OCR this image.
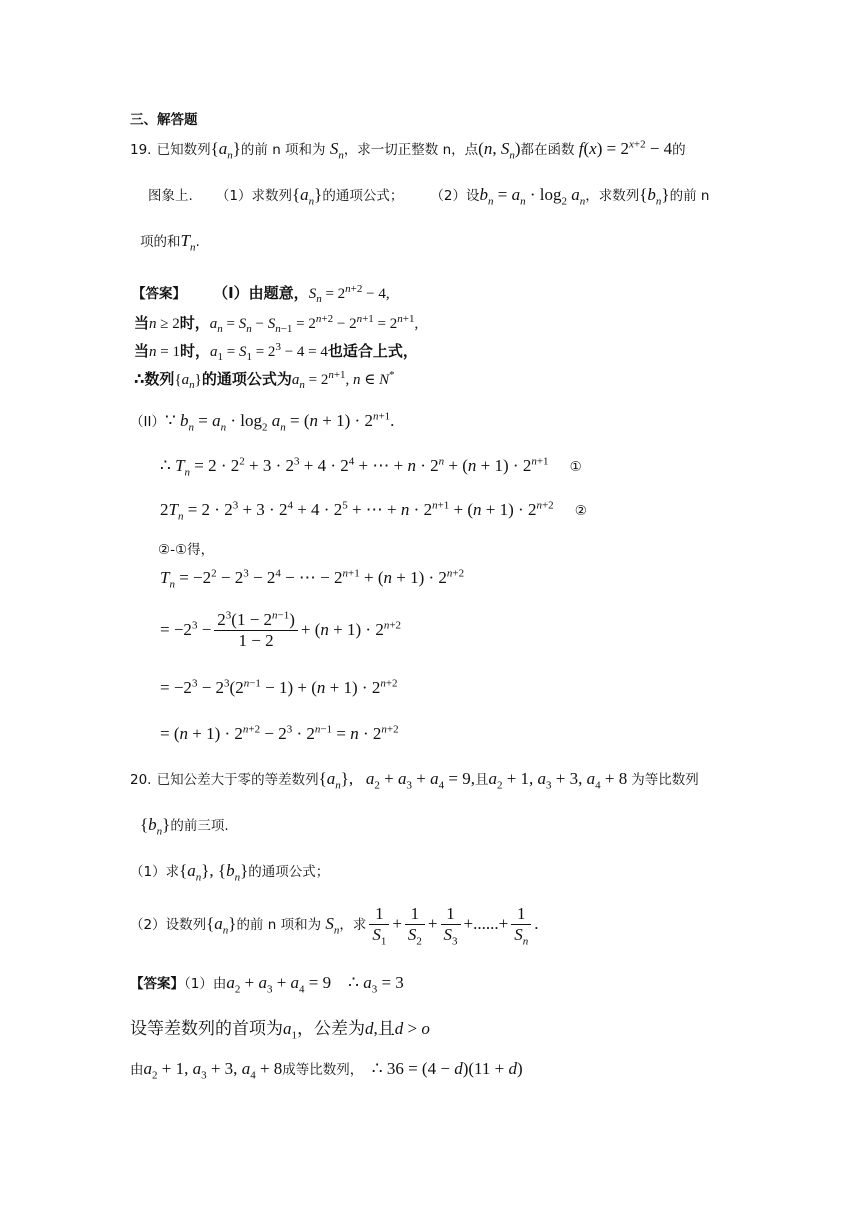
三、解答题
19. 已知数列$\{a_n\}$的前 n 项和为 $S_n$，求一切正整数 n，点(n, $S_n$)都在函数 $f(x) = 2^{x+2} - 4$的
图象上. （1）求数列$\{a_n\}$的通项公式； （2）设$b_n = a_n \cdot \log_2 a_n$，求数列$\{b_n\}$的前 n
项的和$T_n$.
【答案】 （I）由题意，$S_n = 2^{n+2} - 4$,
当n ≥ 2时，$a_n = S_n - S_{n-1} = 2^{n+2} - 2^{n+1} = 2^{n+1}$,
当n = 1时，$a_1 = S_1 = 2^3 - 4 = 4$也适合上式，
∴数列$\{a_n\}$的通项公式为$a_n = 2^{n+1}$, n ∈ N*
（II）∵ $b_n = a_n \cdot \log_2 a_n = (n + 1) \cdot 2^{n+1}$.
∴ $T_n = 2 \cdot 2^2 + 3 \cdot 2^3 + 4 \cdot 2^4$ + ⋯ + $n \cdot 2^n + (n + 1) \cdot 2^{n+1}$ ①
$2T_n = 2 \cdot 2^3 + 3 \cdot 2^4 + 4 \cdot 2^5$ + ⋯ + $n \cdot 2^{n+1} + (n + 1) \cdot 2^{n+2}$ ②
②-①得，
$T_n = -2^2 - 2^3 - 2^4$ − ⋯ − $2^{n+1} + (n + 1) \cdot 2^{n+2}$
= $-2^3 - \frac{2^3(1 - 2^{n-1})}{1 - 2} + (n + 1) \cdot 2^{n+2}$
= $-2^3 - 2^3(2^{n-1} - 1) + (n + 1) \cdot 2^{n+2}$
= $(n + 1) \cdot 2^{n+2} - 2^3 \cdot 2^{n-1} = n \cdot 2^{n+2}$
20. 已知公差大于零的等差数列$\{a_n\}$,   $a_2 + a_3 + a_4 = 9$,且$a_2 + 1$, $a_3 + 3$, $a_4 + 8$ 为等比数列
$\{b_n\}$的前三项.
（1）求$\{a_n\}$, $\{b_n\}$的通项公式；
（2）设数列$\{a_n\}$的前 n 项和为 $S_n$，求 $\frac{1}{S_1} + \frac{1}{S_2} + \frac{1}{S_3}$ +......+ $\frac{1}{S_n}$ .
【答案】（1）由$a_2 + a_3 + a_4 = 9$    ∴ $a_3 = 3$
设等差数列的首项为$a_1$，公差为d,且d > o
由$a_2 + 1$, $a_3 + 3$, $a_4 + 8$成等比数列，  ∴ 36 = (4 − d)(11 + d)
